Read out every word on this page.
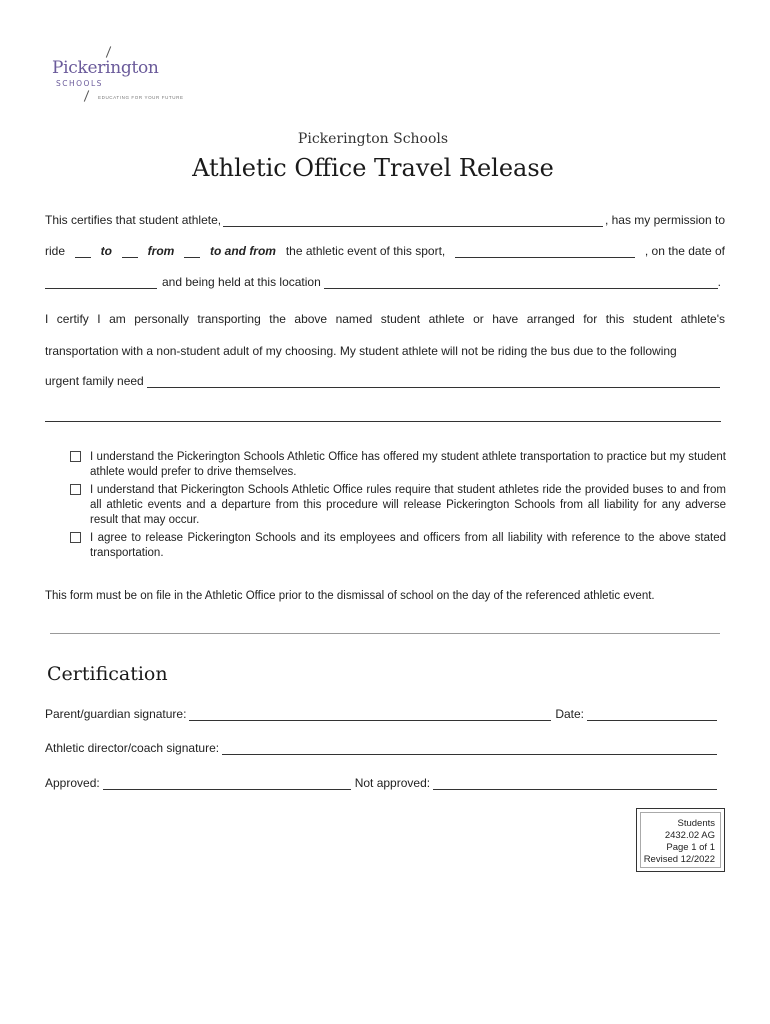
Pickerington
SCHOOLS
EDUCATING FOR YOUR FUTURE
Pickerington Schools
Athletic Office Travel Release
This certifies that student athlete,	, has my permission to
ride	to	from	to and from the athletic event of this sport,	, on the date of
and being held at this location	.
I certify I am personally transporting the above named student athlete or have arranged for this student athlete's
transportation with a non-student adult of my choosing. My student athlete will not be riding the bus due to the following
urgent family need
I understand the Pickerington Schools Athletic Office has offered my student athlete transportation to practice but my student athlete would prefer to drive themselves.
I understand that Pickerington Schools Athletic Office rules require that student athletes ride the provided buses to and from all athletic events and a departure from this procedure will release Pickerington Schools from all liability for any adverse result that may occur.
I agree to release Pickerington Schools and its employees and officers from all liability with reference to the above stated transportation.
This form must be on file in the Athletic Office prior to the dismissal of school on the day of the referenced athletic event.
Certification
Parent/guardian signature:	Date:
Athletic director/coach signature:
Approved:	Not approved:
Students
2432.02 AG
Page 1 of 1
Revised 12/2022
